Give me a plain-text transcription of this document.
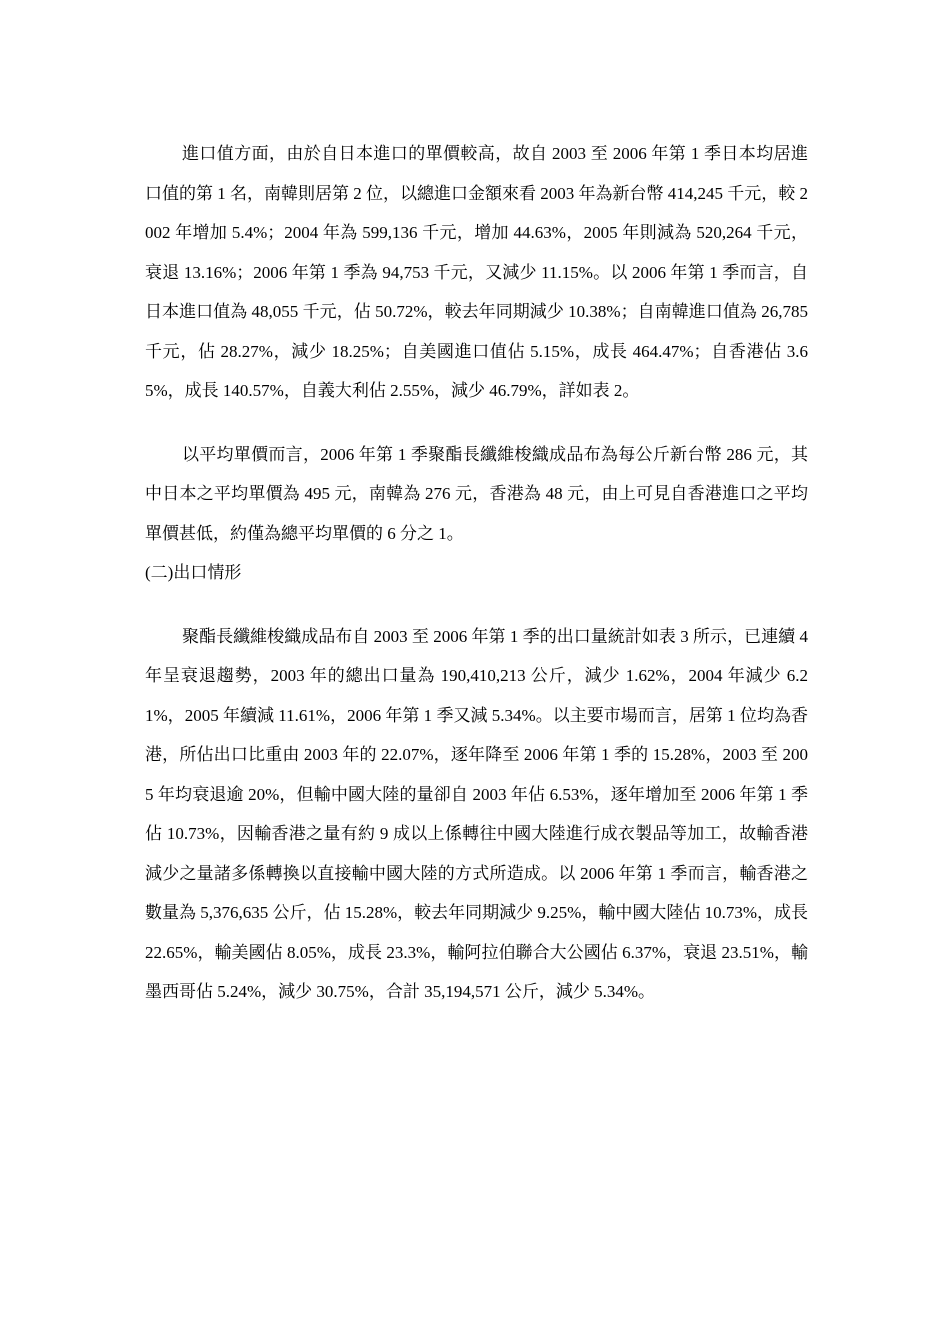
進口值方面，由於自日本進口的單價較高，故自 2003 至 2006 年第 1 季日本均居進口值的第 1 名，南韓則居第 2 位，以總進口金額來看 2003 年為新台幣 414,245 千元，較 2002 年增加 5.4%；2004 年為 599,136 千元，增加 44.63%，2005 年則減為 520,264 千元，衰退 13.16%；2006 年第 1 季為 94,753 千元，又減少 11.15%。以 2006 年第 1 季而言，自日本進口值為 48,055 千元，佔 50.72%，較去年同期減少 10.38%；自南韓進口值為 26,785 千元，佔 28.27%，減少 18.25%；自美國進口值佔 5.15%，成長 464.47%；自香港佔 3.65%，成長 140.57%，自義大利佔 2.55%，減少 46.79%，詳如表 2。

以平均單價而言，2006 年第 1 季聚酯長纖維梭織成品布為每公斤新台幣 286 元，其中日本之平均單價為 495 元，南韓為 276 元，香港為 48 元，由上可見自香港進口之平均單價甚低，約僅為總平均單價的 6 分之 1。

(二)出口情形

聚酯長纖維梭織成品布自 2003 至 2006 年第 1 季的出口量統計如表 3 所示，已連續 4 年呈衰退趨勢，2003 年的總出口量為 190,410,213 公斤，減少 1.62%，2004 年減少 6.21%，2005 年續減 11.61%，2006 年第 1 季又減 5.34%。以主要市場而言，居第 1 位均為香港，所佔出口比重由 2003 年的 22.07%，逐年降至 2006 年第 1 季的 15.28%，2003 至 2005 年均衰退逾 20%，但輸中國大陸的量卻自 2003 年佔 6.53%，逐年增加至 2006 年第 1 季佔 10.73%，因輸香港之量有約 9 成以上係轉往中國大陸進行成衣製品等加工，故輸香港減少之量諸多係轉換以直接輸中國大陸的方式所造成。以 2006 年第 1 季而言，輸香港之數量為 5,376,635 公斤，佔 15.28%，較去年同期減少 9.25%，輸中國大陸佔 10.73%，成長 22.65%，輸美國佔 8.05%，成長 23.3%，輸阿拉伯聯合大公國佔 6.37%，衰退 23.51%，輸墨西哥佔 5.24%，減少 30.75%，合計 35,194,571 公斤，減少 5.34%。
